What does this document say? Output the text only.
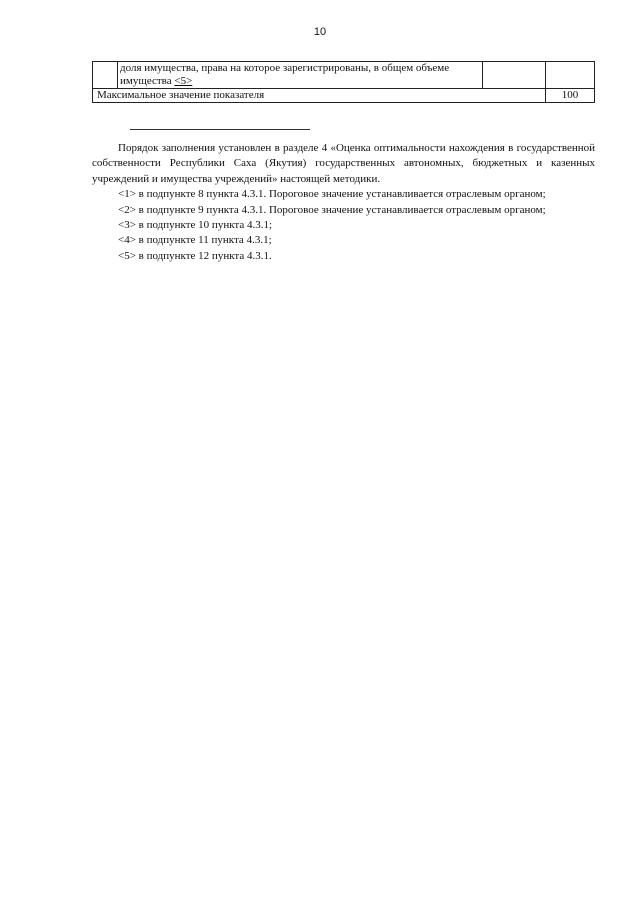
10
	доля имущества, права на которое зарегистрированы, в общем объеме имущества <5>		
Максимальное значение показателя			100

Порядок заполнения установлен в разделе 4 «Оценка оптимальности нахождения в государственной собственности Республики Саха (Якутия) государственных автономных, бюджетных и казенных учреждений и имущества учреждений» настоящей методики.

<1> в подпункте 8 пункта 4.3.1. Пороговое значение устанавливается отраслевым органом;

<2> в подпункте 9 пункта 4.3.1. Пороговое значение устанавливается отраслевым органом;

<3> в подпункте 10 пункта 4.3.1;

<4> в подпункте 11 пункта 4.3.1;

<5> в подпункте 12 пункта 4.3.1.
